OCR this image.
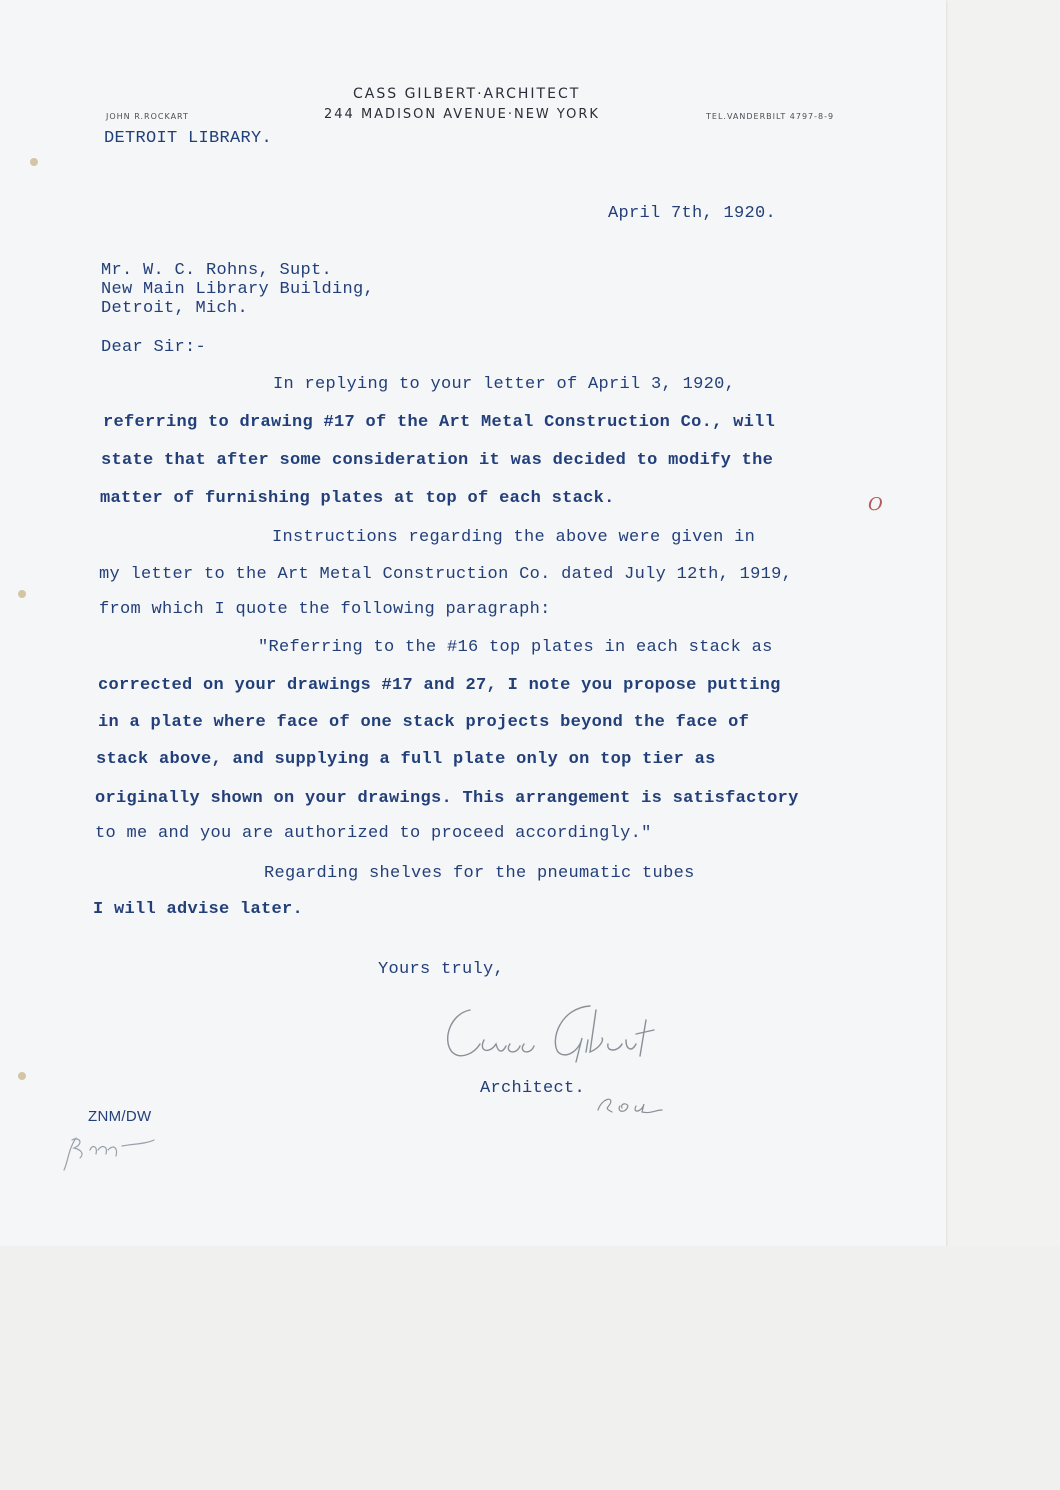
CASS GILBERT·ARCHITECT
244 MADISON AVENUE·NEW YORK
JOHN R.ROCKART	TEL.VANDERBILT 4797-8-9
DETROIT LIBRARY.
April 7th, 1920.
Mr. W. C. Rohns, Supt.
New Main Library Building,
Detroit, Mich.
Dear Sir:-
In replying to your letter of April 3, 1920,
referring to drawing #17 of the Art Metal Construction Co., will
state that after some consideration it was decided to modify the
matter of furnishing plates at top of each stack.	O
Instructions regarding the above were given in
my letter to the Art Metal Construction Co. dated July 12th, 1919,
from which I quote the following paragraph:
"Referring to the #16 top plates in each stack as
corrected on your drawings #17 and 27, I note you propose putting
in a plate where face of one stack projects beyond the face of
stack above, and supplying a full plate only on top tier as
originally shown on your drawings. This arrangement is satisfactory
to me and you are authorized to proceed accordingly."
Regarding shelves for the pneumatic tubes
I will advise later.
Yours truly,
Architect.
ZNM/DW
